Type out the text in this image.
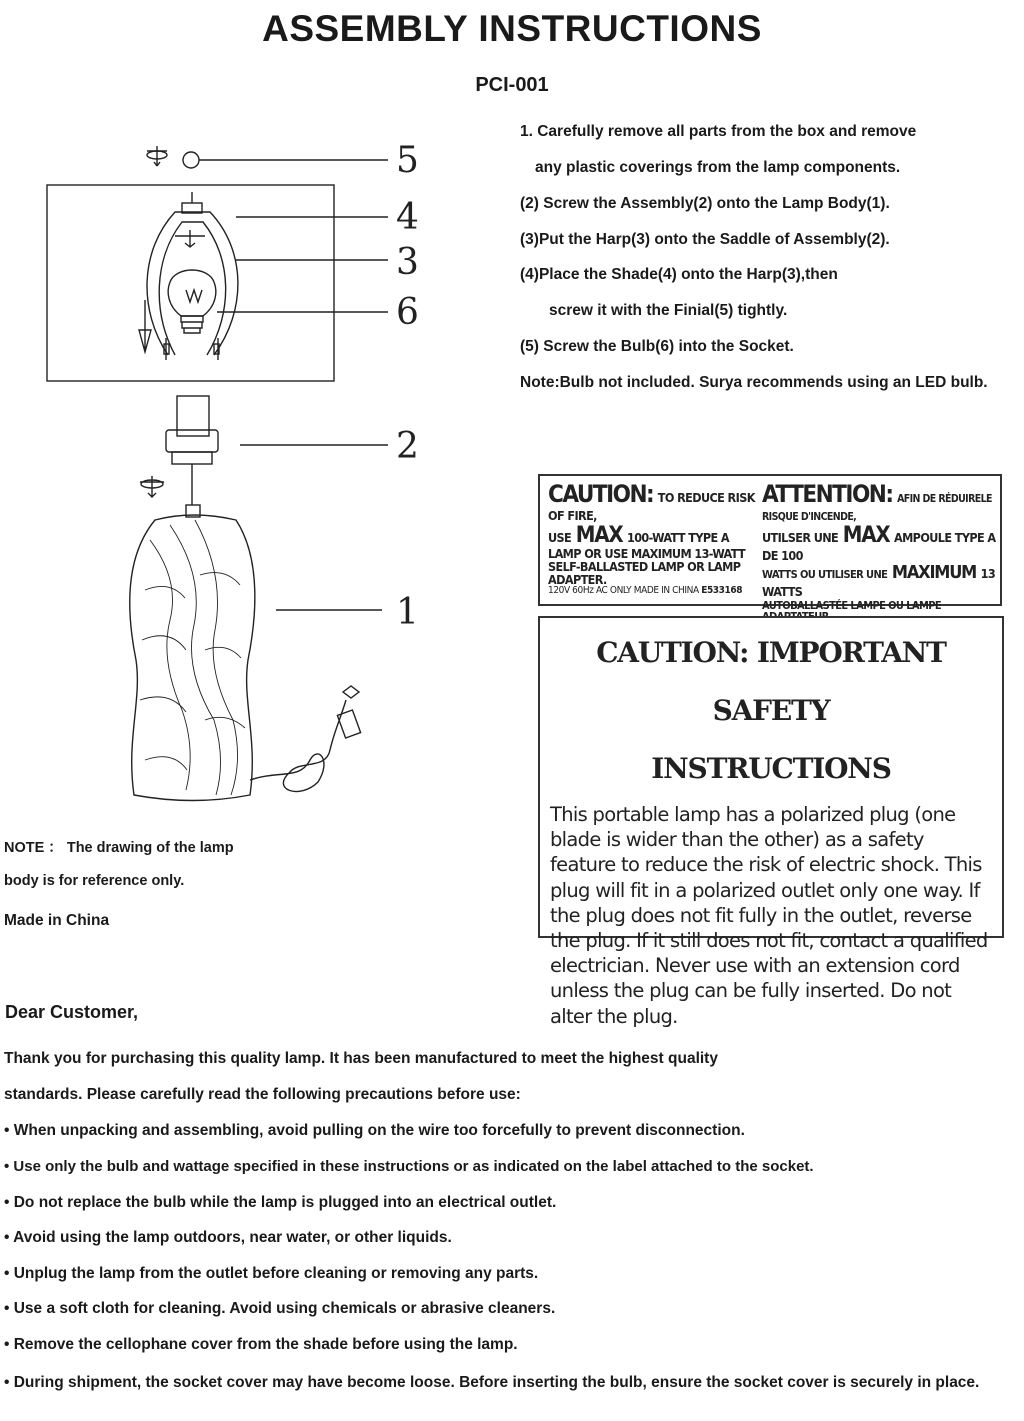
ASSEMBLY INSTRUCTIONS
PCI-001
5
4
3
6
2
1
1. Carefully remove all parts from the box and remove
any plastic coverings from the lamp components.
(2) Screw the Assembly(2) onto the Lamp Body(1).
(3)Put the Harp(3) onto the Saddle of Assembly(2).
(4)Place the Shade(4) onto the Harp(3),then
screw it with the Finial(5) tightly.
(5) Screw the Bulb(6) into the Socket.
Note:Bulb not included. Surya recommends using an LED bulb.
CAUTION: TO REDUCE RISK OF FIRE,
USE MAX 100-WATT TYPE A
LAMP OR USE MAXIMUM 13-WATT
SELF-BALLASTED LAMP OR LAMP ADAPTER.
120V 60Hz AC ONLY MADE IN CHINA E533168
ATTENTION: AFIN DE RÉDUIRELE RISQUE D'INCENDE,
UTILSER UNE MAX AMPOULE TYPE A DE 100
WATTS OU UTILISER UNE MAXIMUM 13 WATTS
AUTOBALLASTÉE LAMPE OU LAMPE
CAUTION: IMPORTANT SAFETY
INSTRUCTIONS
This portable lamp has a polarized plug (one blade is wider than the other) as a safety feature to reduce the risk of electric shock. This plug will fit in a polarized outlet only one way. If the plug does not fit fully in the outlet, reverse the plug. If it still does not fit, contact a qualified electrician. Never use with an extension cord unless the plug can be fully inserted. Do not alter the plug.
NOTE ： The drawing of the lamp
body is for reference only.
Made in China
Dear Customer,
Thank you for purchasing this quality lamp. It has been manufactured to meet the highest quality
standards. Please carefully read the following precautions before use:
• When unpacking and assembling, avoid pulling on the wire too forcefully to prevent disconnection.
• Use only the bulb and wattage specified in these instructions or as indicated on the label attached to the socket.
• Do not replace the bulb while the lamp is plugged into an electrical outlet.
• Avoid using the lamp outdoors, near water, or other liquids.
• Unplug the lamp from the outlet before cleaning or removing any parts.
• Use a soft cloth for cleaning. Avoid using chemicals or abrasive cleaners.
• Remove the cellophane cover from the shade before using the lamp.
• During shipment, the socket cover may have become loose. Before inserting the bulb, ensure the socket cover is securely in place.
